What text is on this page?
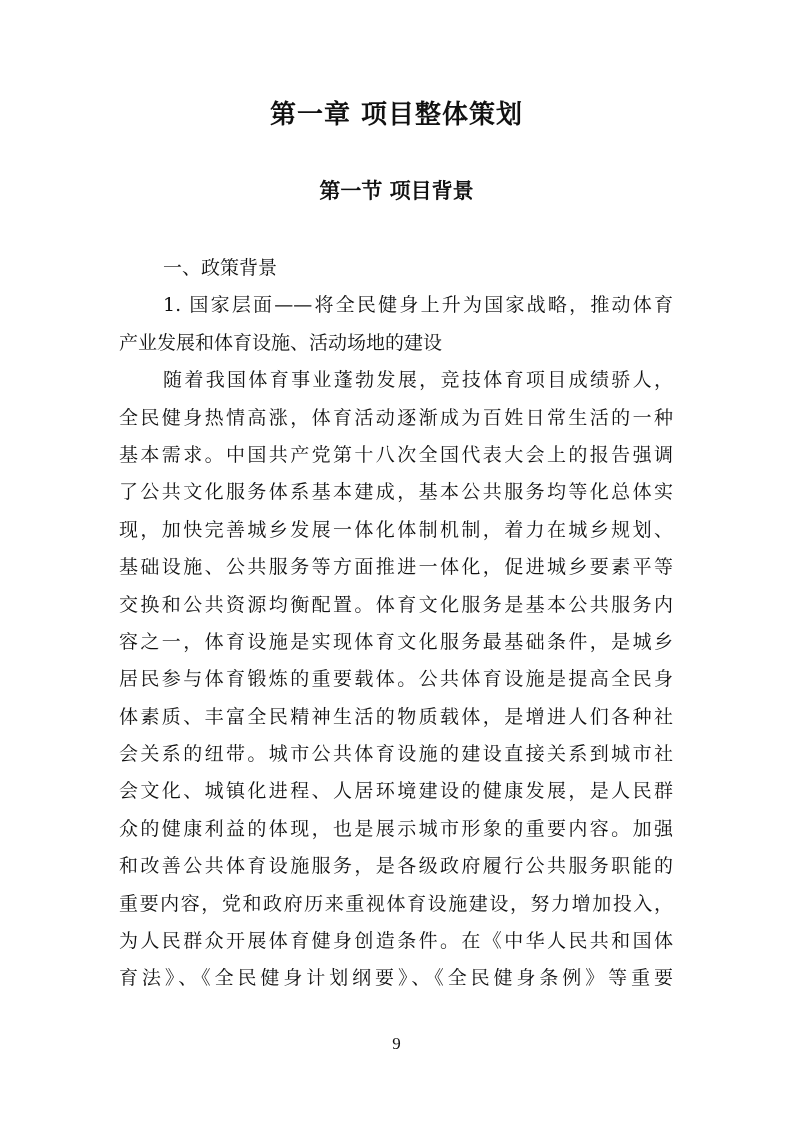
第一章 项目整体策划
第一节 项目背景
一、政策背景
1. 国家层面——将全民健身上升为国家战略，推动体育
产业发展和体育设施、活动场地的建设
随着我国体育事业蓬勃发展，竞技体育项目成绩骄人，
全民健身热情高涨，体育活动逐渐成为百姓日常生活的一种
基本需求。中国共产党第十八次全国代表大会上的报告强调
了公共文化服务体系基本建成，基本公共服务均等化总体实
现，加快完善城乡发展一体化体制机制，着力在城乡规划、
基础设施、公共服务等方面推进一体化，促进城乡要素平等
交换和公共资源均衡配置。体育文化服务是基本公共服务内
容之一，体育设施是实现体育文化服务最基础条件，是城乡
居民参与体育锻炼的重要载体。公共体育设施是提高全民身
体素质、丰富全民精神生活的物质载体，是增进人们各种社
会关系的纽带。城市公共体育设施的建设直接关系到城市社
会文化、城镇化进程、人居环境建设的健康发展，是人民群
众的健康利益的体现，也是展示城市形象的重要内容。加强
和改善公共体育设施服务，是各级政府履行公共服务职能的
重要内容，党和政府历来重视体育设施建设，努力增加投入，
为人民群众开展体育健身创造条件。在《中华人民共和国体
育法》、《全民健身计划纲要》、《全民健身条例》等重要
9
